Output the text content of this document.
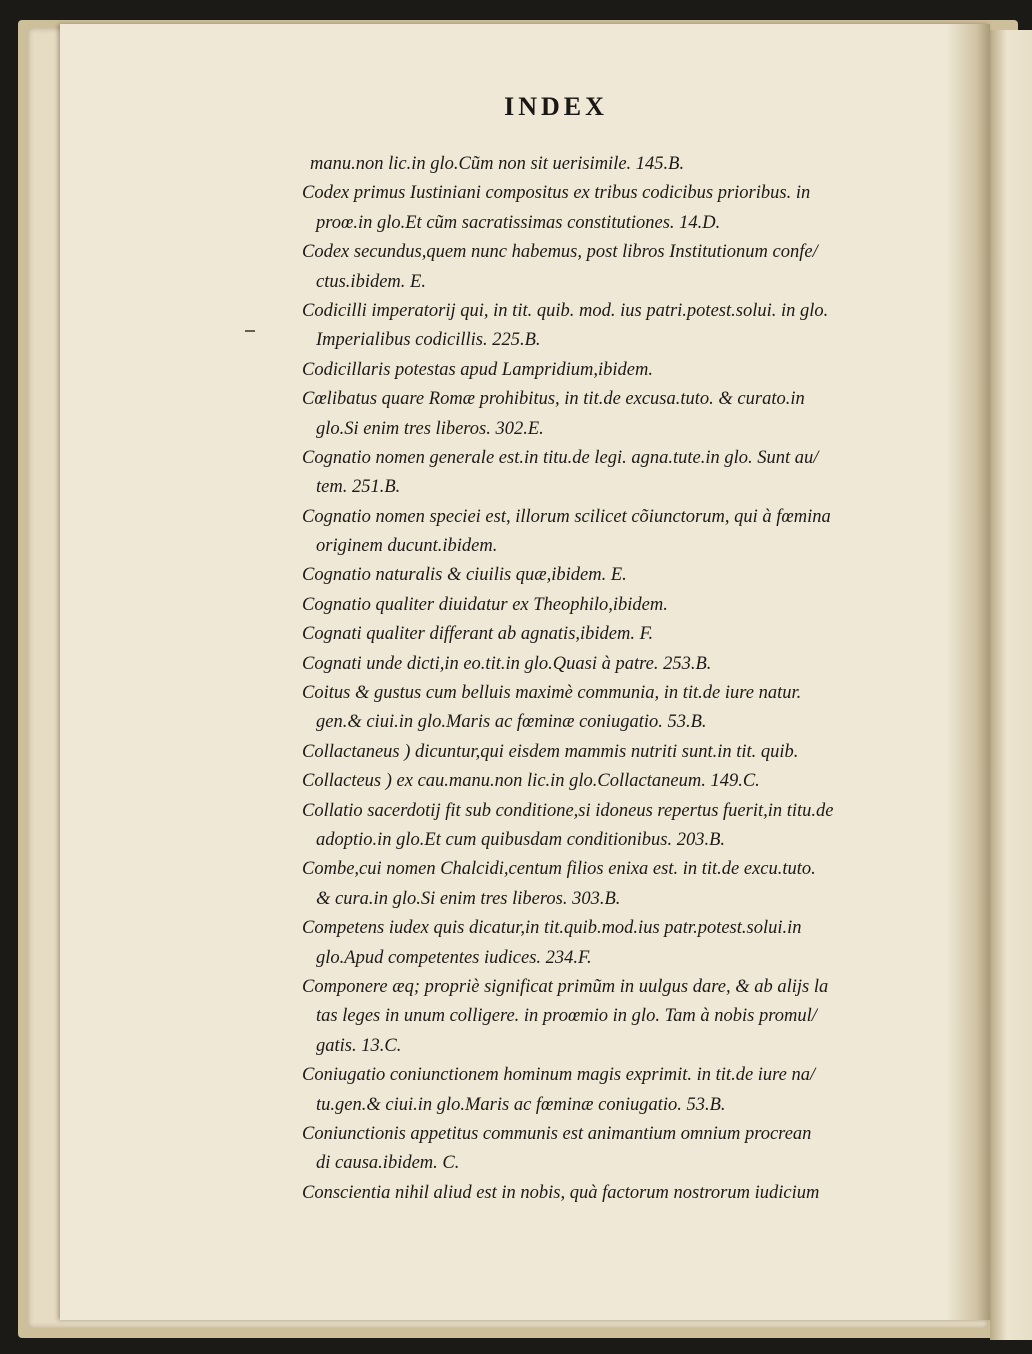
INDEX
manu.non lic.in glo.Cũm non sit uerisimile. 145.B.
Codex primus Iustiniani compositus ex tribus codicibus prioribus. in
proœ.in glo.Et cũm sacratissimas constitutiones. 14.D.
Codex secundus,quem nunc habemus, post libros Institutionum confe/
ctus.ibidem. E.
Codicilli imperatorij qui, in tit. quib. mod. ius patri.potest.solui. in glo.
Imperialibus codicillis. 225.B.
Codicillaris potestas apud Lampridium,ibidem.
Cœlibatus quare Romæ prohibitus, in tit.de excusa.tuto. & curato.in
glo.Si enim tres liberos. 302.E.
Cognatio nomen generale est.in titu.de legi. agna.tute.in glo. Sunt au/
tem. 251.B.
Cognatio nomen speciei est, illorum scilicet cõiunctorum, qui à fœmina
originem ducunt.ibidem.
Cognatio naturalis & ciuilis quæ,ibidem. E.
Cognatio qualiter diuidatur ex Theophilo,ibidem.
Cognati qualiter differant ab agnatis,ibidem. F.
Cognati unde dicti,in eo.tit.in glo.Quasi à patre. 253.B.
Coitus & gustus cum belluis maximè communia, in tit.de iure natur.
gen.& ciui.in glo.Maris ac fœminæ coniugatio. 53.B.
Collactaneus ) dicuntur,qui eisdem mammis nutriti sunt.in tit. quib.
Collacteus ) ex cau.manu.non lic.in glo.Collactaneum. 149.C.
Collatio sacerdotij fit sub conditione,si idoneus repertus fuerit,in titu.de
adoptio.in glo.Et cum quibusdam conditionibus. 203.B.
Combe,cui nomen Chalcidi,centum filios enixa est. in tit.de excu.tuto.
& cura.in glo.Si enim tres liberos. 303.B.
Competens iudex quis dicatur,in tit.quib.mod.ius patr.potest.solui.in
glo.Apud competentes iudices. 234.F.
Componere æq; propriè significat primũm in uulgus dare, & ab alijs la
tas leges in unum colligere. in proœmio in glo. Tam à nobis promul/
gatis. 13.C.
Coniugatio coniunctionem hominum magis exprimit. in tit.de iure na/
tu.gen.& ciui.in glo.Maris ac fœminæ coniugatio. 53.B.
Coniunctionis appetitus communis est animantium omnium procrean
di causa.ibidem. C.
Conscientia nihil aliud est in nobis, quà factorum nostrorum iudicium
